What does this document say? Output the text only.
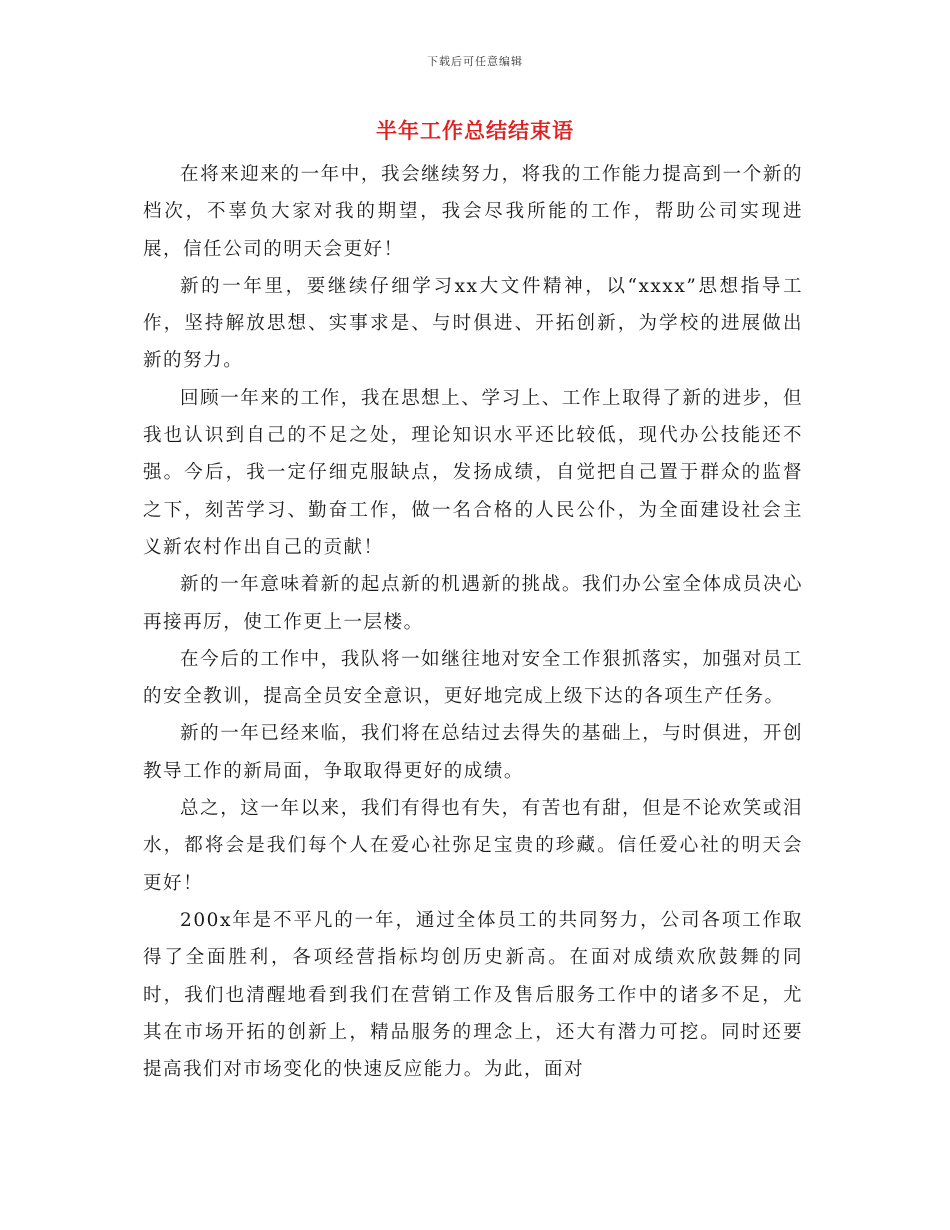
下载后可任意编辑
半年工作总结结束语

在将来迎来的一年中，我会继续努力，将我的工作能力提高到一个新的档次，不辜负大家对我的期望，我会尽我所能的工作，帮助公司实现进展，信任公司的明天会更好！

新的一年里，要继续仔细学习xx大文件精神，以“xxxx”思想指导工作，坚持解放思想、实事求是、与时俱进、开拓创新，为学校的进展做出新的努力。

回顾一年来的工作，我在思想上、学习上、工作上取得了新的进步，但我也认识到自己的不足之处，理论知识水平还比较低，现代办公技能还不强。今后，我一定仔细克服缺点，发扬成绩，自觉把自己置于群众的监督之下，刻苦学习、勤奋工作，做一名合格的人民公仆，为全面建设社会主义新农村作出自己的贡献！

新的一年意味着新的起点新的机遇新的挑战。我们办公室全体成员决心再接再厉，使工作更上一层楼。

在今后的工作中，我队将一如继往地对安全工作狠抓落实，加强对员工的安全教训，提高全员安全意识，更好地完成上级下达的各项生产任务。

新的一年已经来临，我们将在总结过去得失的基础上，与时俱进，开创教导工作的新局面，争取取得更好的成绩。

总之，这一年以来，我们有得也有失，有苦也有甜，但是不论欢笑或泪水，都将会是我们每个人在爱心社弥足宝贵的珍藏。信任爱心社的明天会更好！

200x年是不平凡的一年，通过全体员工的共同努力，公司各项工作取得了全面胜利，各项经营指标均创历史新高。在面对成绩欢欣鼓舞的同时，我们也清醒地看到我们在营销工作及售后服务工作中的诸多不足，尤其在市场开拓的创新上，精品服务的理念上，还大有潜力可挖。同时还要提高我们对市场变化的快速反应能力。为此，面对
